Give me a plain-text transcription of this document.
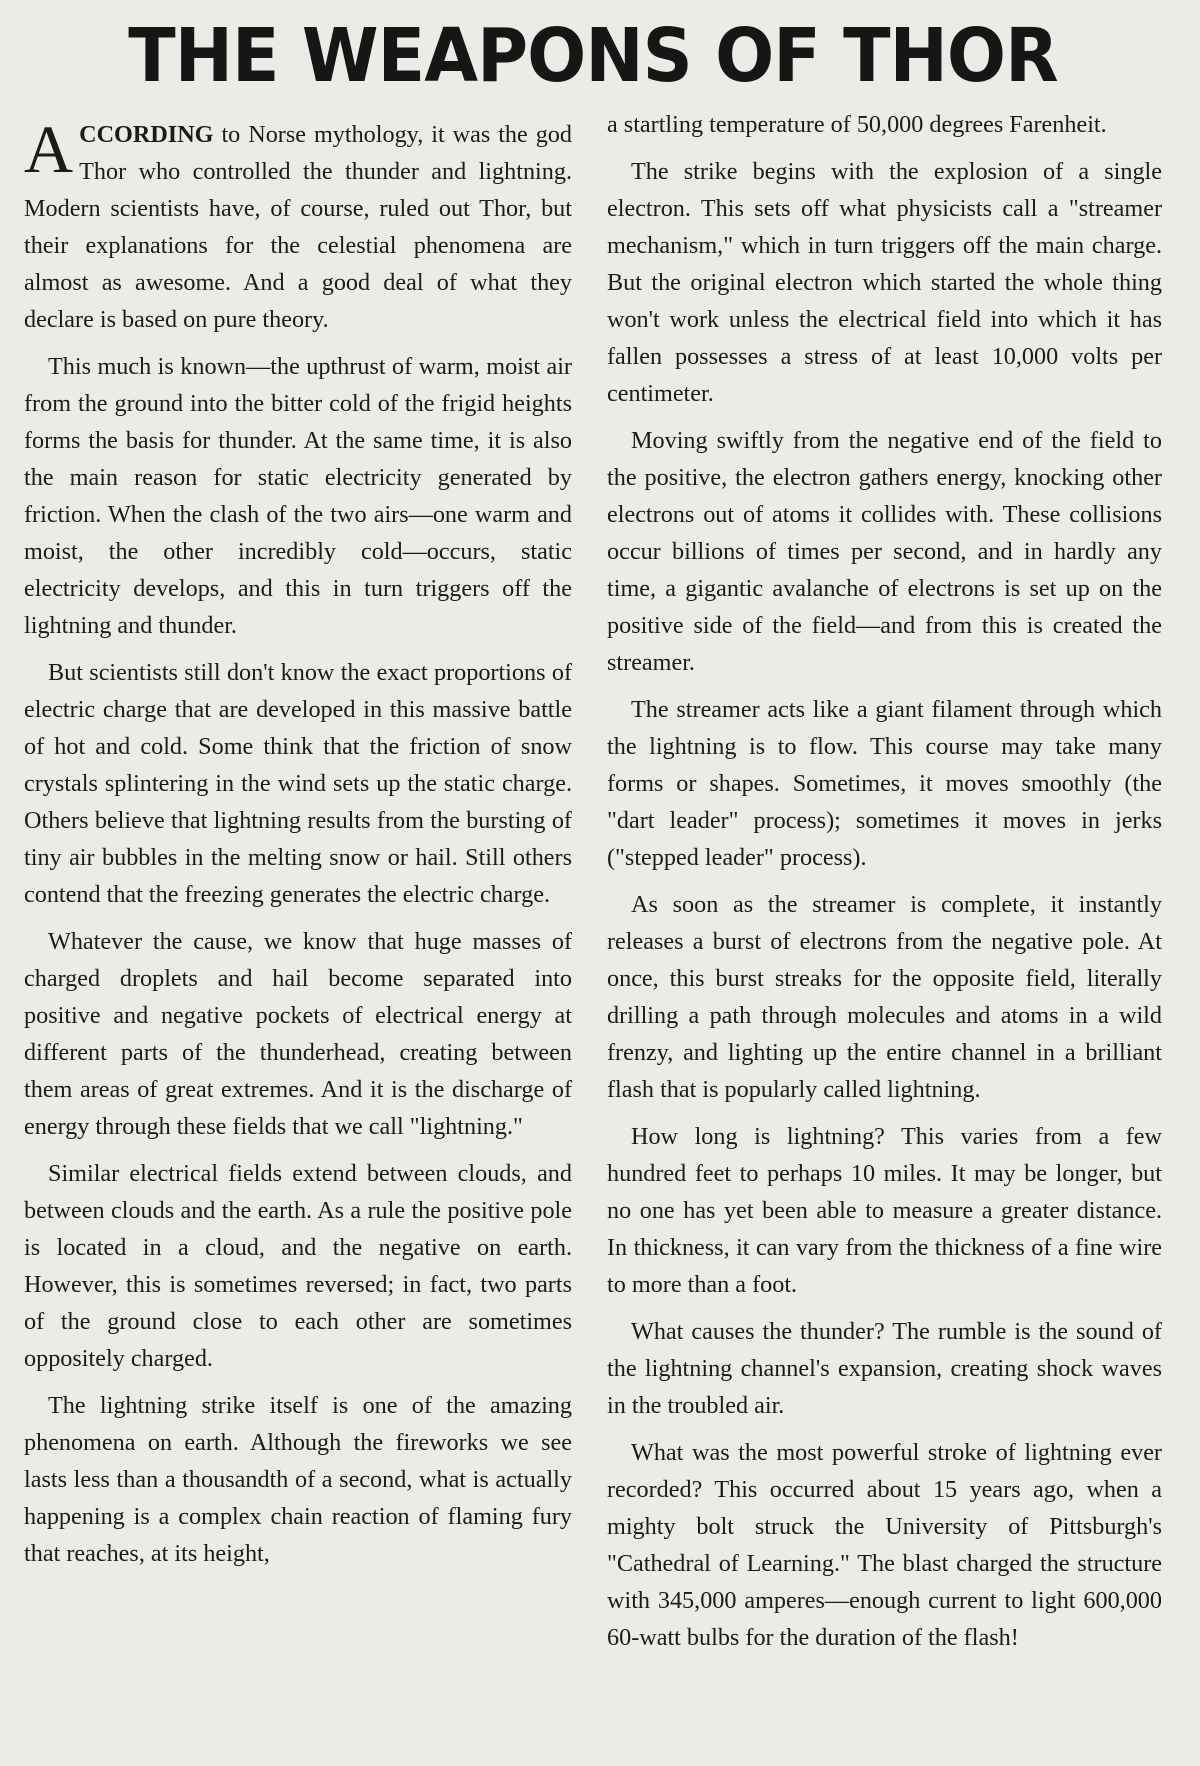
THE WEAPONS OF THOR

ACCORDING to Norse mythology, it was the god Thor who controlled the thunder and lightning. Modern scientists have, of course, ruled out Thor, but their explanations for the celestial phenomena are almost as awesome. And a good deal of what they declare is based on pure theory.

This much is known—the upthrust of warm, moist air from the ground into the bitter cold of the frigid heights forms the basis for thunder. At the same time, it is also the main reason for static electricity generated by friction. When the clash of the two airs—one warm and moist, the other incredibly cold—occurs, static electricity develops, and this in turn triggers off the lightning and thunder.

But scientists still don't know the exact proportions of electric charge that are developed in this massive battle of hot and cold. Some think that the friction of snow crystals splintering in the wind sets up the static charge. Others believe that lightning results from the bursting of tiny air bubbles in the melting snow or hail. Still others contend that the freezing generates the electric charge.

Whatever the cause, we know that huge masses of charged droplets and hail become separated into positive and negative pockets of electrical energy at different parts of the thunderhead, creating between them areas of great extremes. And it is the discharge of energy through these fields that we call "lightning."

Similar electrical fields extend between clouds, and between clouds and the earth. As a rule the positive pole is located in a cloud, and the negative on earth. However, this is sometimes reversed; in fact, two parts of the ground close to each other are sometimes oppositely charged.

The lightning strike itself is one of the amazing phenomena on earth. Although the fireworks we see lasts less than a thousandth of a second, what is actually happening is a complex chain reaction of flaming fury that reaches, at its height,

a startling temperature of 50,000 degrees Farenheit.

The strike begins with the explosion of a single electron. This sets off what physicists call a "streamer mechanism," which in turn triggers off the main charge. But the original electron which started the whole thing won't work unless the electrical field into which it has fallen possesses a stress of at least 10,000 volts per centimeter.

Moving swiftly from the negative end of the field to the positive, the electron gathers energy, knocking other electrons out of atoms it collides with. These collisions occur billions of times per second, and in hardly any time, a gigantic avalanche of electrons is set up on the positive side of the field—and from this is created the streamer.

The streamer acts like a giant filament through which the lightning is to flow. This course may take many forms or shapes. Sometimes, it moves smoothly (the "dart leader" process); sometimes it moves in jerks ("stepped leader" process).

As soon as the streamer is complete, it instantly releases a burst of electrons from the negative pole. At once, this burst streaks for the opposite field, literally drilling a path through molecules and atoms in a wild frenzy, and lighting up the entire channel in a brilliant flash that is popularly called lightning.

How long is lightning? This varies from a few hundred feet to perhaps 10 miles. It may be longer, but no one has yet been able to measure a greater distance. In thickness, it can vary from the thickness of a fine wire to more than a foot.

What causes the thunder? The rumble is the sound of the lightning channel's expansion, creating shock waves in the troubled air.

What was the most powerful stroke of lightning ever recorded? This occurred about 15 years ago, when a mighty bolt struck the University of Pittsburgh's "Cathedral of Learning." The blast charged the structure with 345,000 amperes—enough current to light 600,000 60-watt bulbs for the duration of the flash!
